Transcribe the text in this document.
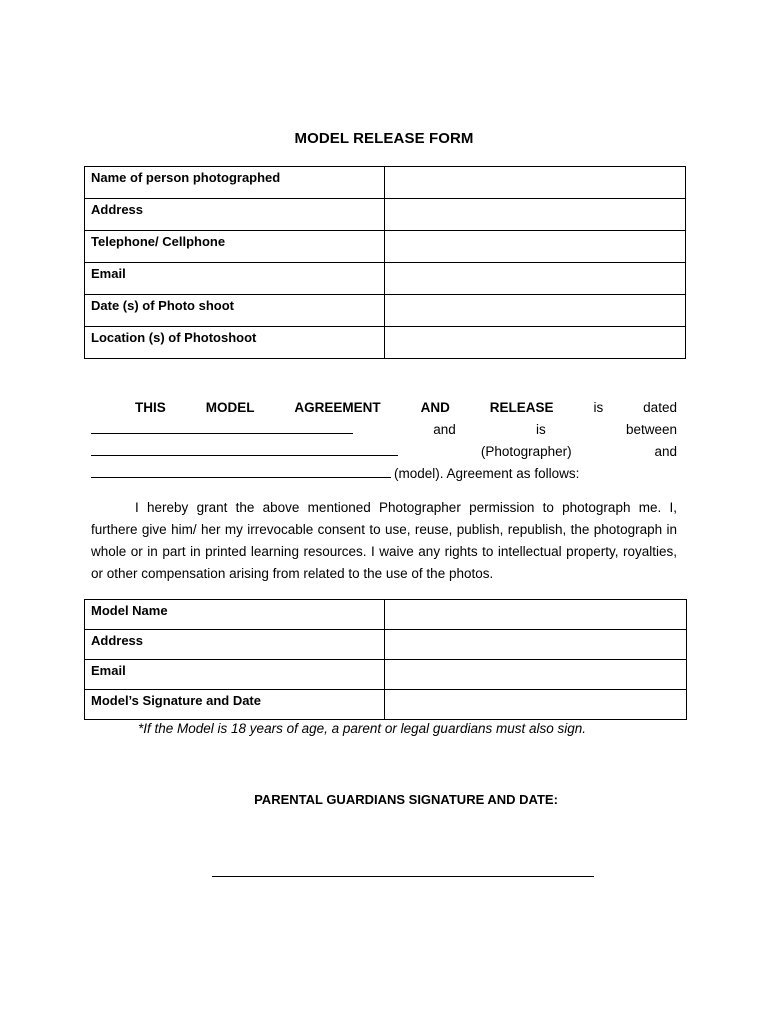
MODEL RELEASE FORM
Name of person photographed	
Address	
Telephone/ Cellphone	
Email	
Date (s) of Photo shoot	
Location (s) of Photoshoot	
THIS	MODEL	AGREEMENT	AND	RELEASE	is	dated
and	is	between
(Photographer)	and
(model). Agreement as follows:
I hereby grant the above mentioned Photographer permission to photograph me. I, furthere give him/ her my irrevocable consent to use, reuse, publish, republish, the photograph in whole or in part in printed learning resources. I waive any rights to intellectual property, royalties, or other compensation arising from related to the use of the photos.
Model Name	
Address	
Email	
Model’s Signature and Date	
*If the Model is 18 years of age, a parent or legal guardians must also sign.
PARENTAL GUARDIANS SIGNATURE AND DATE:
